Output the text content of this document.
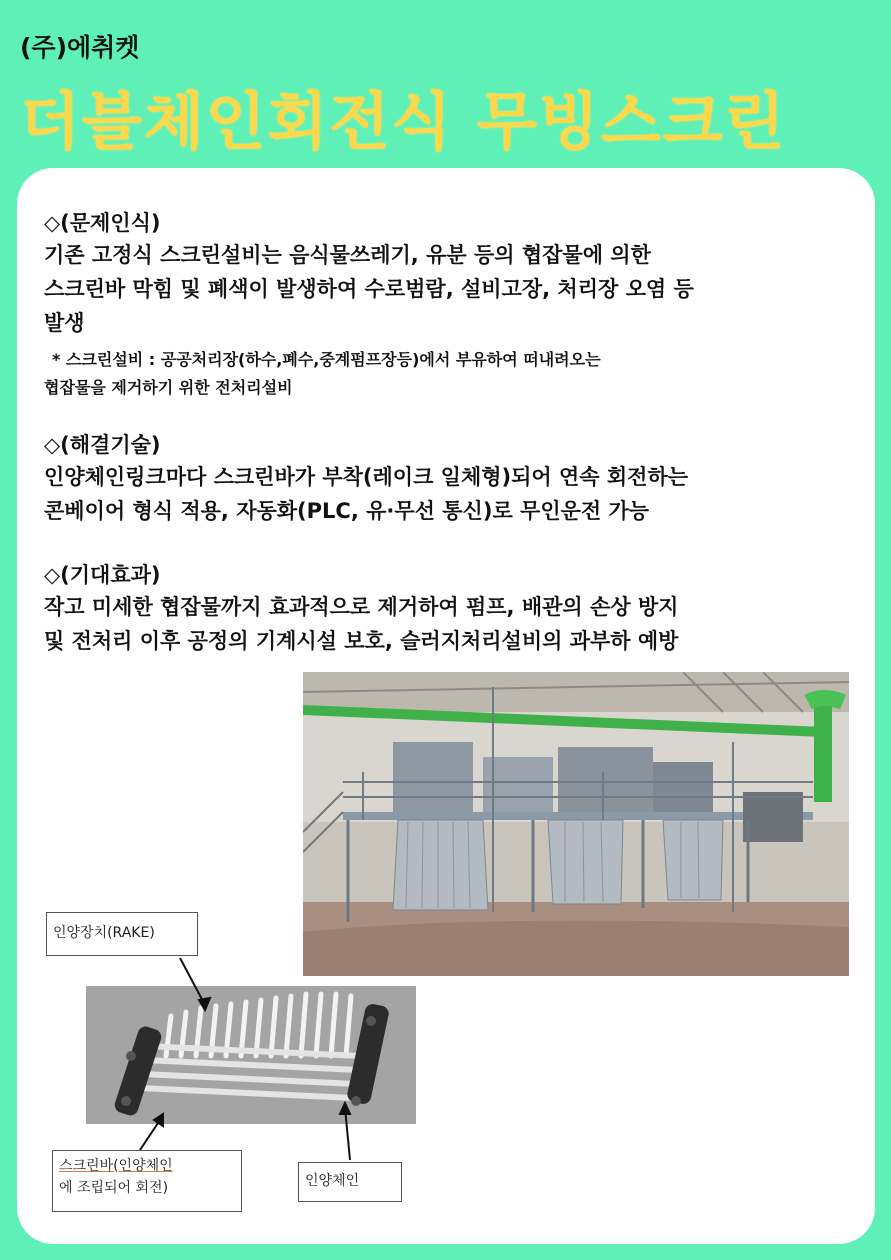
(주)에취켓
더블체인회전식 무빙스크린
◇(문제인식)
기존 고정식 스크린설비는 음식물쓰레기, 유분 등의 협잡물에 의한
스크린바 막힘 및 폐색이 발생하여 수로범람, 설비고장, 처리장 오염 등
발생
* 스크린설비 : 공공처리장(하수,폐수,중계펌프장등)에서 부유하여 떠내려오는
협잡물을 제거하기 위한 전처리설비
◇(해결기술)
인양체인링크마다 스크린바가 부착(레이크 일체형)되어 연속 회전하는
콘베이어 형식 적용, 자동화(PLC, 유·무선 통신)로 무인운전 가능
◇(기대효과)
작고 미세한 협잡물까지 효과적으로 제거하여 펌프, 배관의 손상 방지
및 전처리 이후 공정의 기계시설 보호, 슬러지처리설비의 과부하 예방
인양장치(RAKE)
스크린바(인양체인
에 조립되어 회전)	인양체인
